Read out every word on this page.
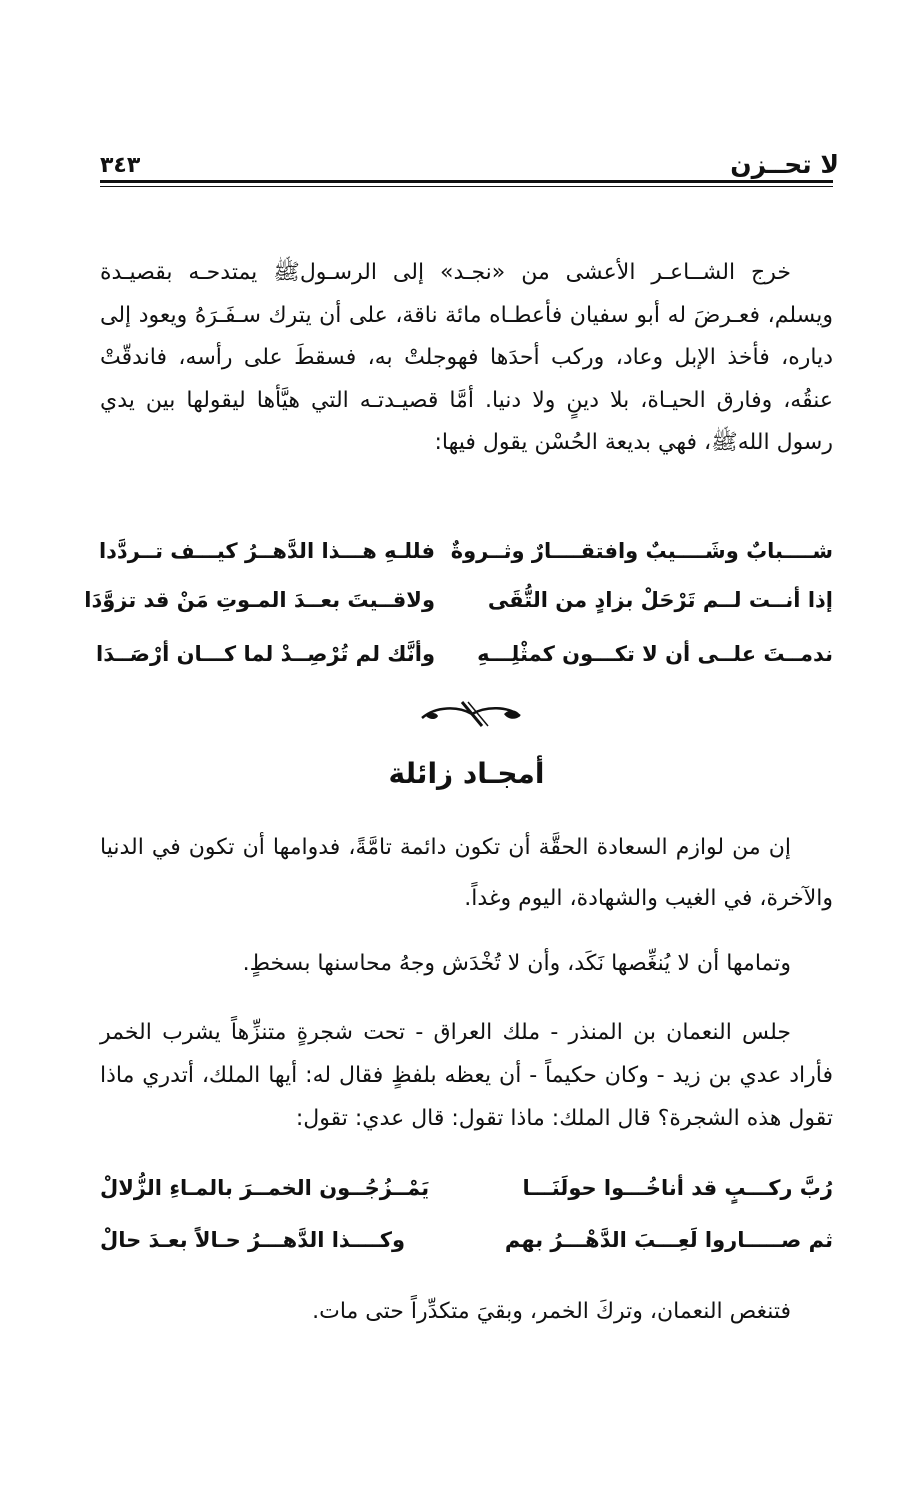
لا تحــزن
٣٤٣

خرج الشــاعـر الأعشى من «نجـد» إلى الرسـولﷺ يمتدحـه بقصيـدة ويسلم، فعـرضَ له أبو سفيان فأعطـاه مائة ناقة، على أن يترك سـفَـرَهُ ويعود إلى دياره، فأخذ الإبل وعاد، وركب أحدَها فهوجلتْ به، فسقطَ على رأسه، فاندقّتْ عنقُه، وفارق الحيـاة، بلا دينٍ ولا دنيا. أمَّا قصيـدتـه التي هيَّأها ليقولها بين يدي رسول اللهﷺ، فهي بديعة الحُسْن يقول فيها:

شــــبابٌ وشَــــيبٌ وافتقــــارٌ وثــروةٌ
فللـهِ هـــذا الدَّهــرُ كيـــف تــردَّدا
إذا أنــت لــم تَرْحَلْ بزادٍ من التُّقَى
ولاقــيتَ بعــدَ المـوتِ مَنْ قد تزوَّدَا
ندمــتَ علــى أن لا تكـــون كمثْلِـــهِ
وأنَّك لم تُرْصِــدْ لما كـــان أرْصَــدَا
أمجـاد زائلة

إن من لوازم السعادة الحقَّة أن تكون دائمة تامَّةً، فدوامها أن تكون في الدنيا والآخرة، في الغيب والشهادة، اليوم وغداً.

وتمامها أن لا يُنغِّصها نَكَد، وأن لا تُخْدَش وجهُ محاسنها بسخطٍ.

جلس النعمان بن المنذر - ملك العراق - تحت شجرةٍ متنزِّهاً يشرب الخمر فأراد عدي بن زيد - وكان حكيماً - أن يعظه بلفظٍ فقال له: أيها الملك، أتدري ماذا تقول هذه الشجرة؟ قال الملك: ماذا تقول: قال عدي: تقول:

رُبَّ ركـــبٍ قد أناخُـــوا حولَنَـــا
يَمْــزُجُــون الخمــرَ بالمـاءِ الزُّلالْ
ثم صـــــاروا لَعِـــبَ الدَّهْـــرُ بهم
وكــــذا الدَّهـــرُ حـالاً بعـدَ حالْ

فتنغص النعمان، وتركَ الخمر، وبقيَ متكدِّراً حتى مات.
